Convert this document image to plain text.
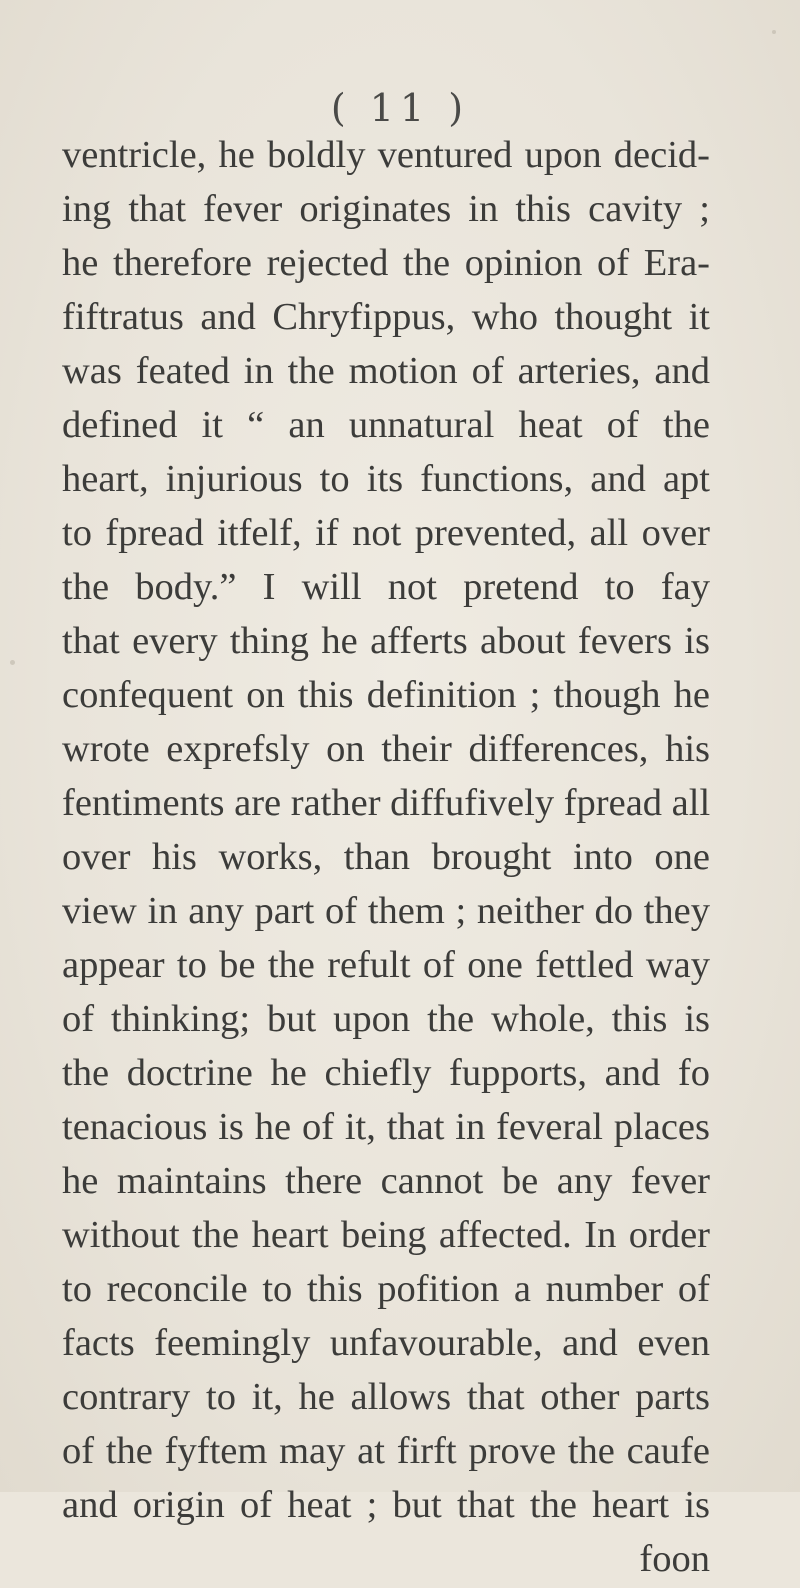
( 11 )
ventricle, he boldly ventured upon decid-
ing that fever originates in this cavity ;
he therefore rejected the opinion of Era-
fiftratus and Chryfippus, who thought it
was feated in the motion of arteries, and
defined it “ an unnatural heat of the
heart, injurious to its functions, and apt
to fpread itfelf, if not prevented, all over
the body.” I will not pretend to fay
that every thing he afferts about fevers is
confequent on this definition ; though he
wrote exprefsly on their differences, his
fentiments are rather diffufively fpread all
over his works, than brought into one
view in any part of them ; neither do they
appear to be the refult of one fettled way
of thinking; but upon the whole, this is
the doctrine he chiefly fupports, and fo
tenacious is he of it, that in feveral places
he maintains there cannot be any fever
without the heart being affected. In order
to reconcile to this pofition a number of
facts feemingly unfavourable, and even
contrary to it, he allows that other parts
of the fyftem may at firft prove the caufe
and origin of heat ; but that the heart is
foon
